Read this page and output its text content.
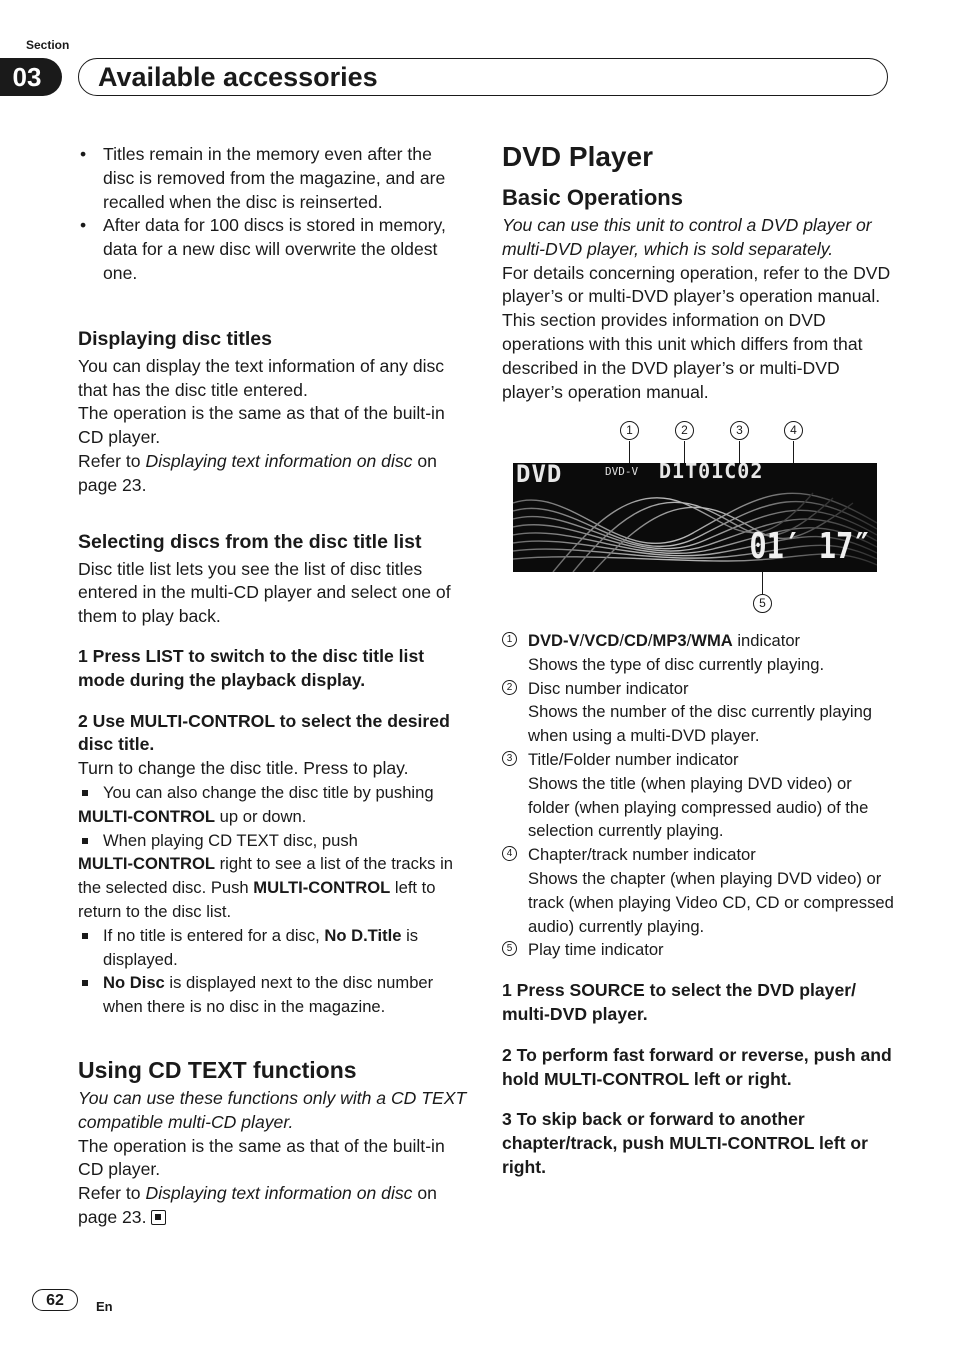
Section
03	Available accessories

• Titles remain in the memory even after the disc is removed from the magazine, and are recalled when the disc is reinserted.

• After data for 100 discs is stored in memory, data for a new disc will overwrite the oldest one.

Displaying disc titles

You can display the text information of any disc that has the disc title entered.

The operation is the same as that of the built-in CD player.

Refer to Displaying text information on disc on page 23.

Selecting discs from the disc title list

Disc title list lets you see the list of disc titles entered in the multi-CD player and select one of them to play back.

1 Press LIST to switch to the disc title list mode during the playback display.

2 Use MULTI-CONTROL to select the desired disc title.

Turn to change the disc title. Press to play.

You can also change the disc title by pushing

MULTI-CONTROL up or down.

When playing CD TEXT disc, push

MULTI-CONTROL right to see a list of the tracks in the selected disc. Push MULTI-CONTROL left to return to the disc list.

If no title is entered for a disc, No D.Title is displayed.

No Disc is displayed next to the disc number when there is no disc in the magazine.

Using CD TEXT functions

You can use these functions only with a CD TEXT compatible multi-CD player.

The operation is the same as that of the built-in CD player.

Refer to Displaying text information on disc on page 23.

DVD Player

Basic Operations

You can use this unit to control a DVD player or multi-DVD player, which is sold separately.

For details concerning operation, refer to the DVD player’s or multi-DVD player’s operation manual. This section provides information on DVD operations with this unit which differs from that described in the DVD player’s or multi-DVD player’s operation manual.

1	2	3	4
DVD	DVD-V D1T01C02
01′ 17″
5
1 DVD-V/VCD/CD/MP3/WMA indicator

Shows the type of disc currently playing.

2 Disc number indicator

Shows the number of the disc currently playing when using a multi-DVD player.

3 Title/Folder number indicator

Shows the title (when playing DVD video) or folder (when playing compressed audio) of the selection currently playing.

4 Chapter/track number indicator

Shows the chapter (when playing DVD video) or track (when playing Video CD, CD or compressed audio) currently playing.

5 Play time indicator

1 Press SOURCE to select the DVD player/ multi-DVD player.

2 To perform fast forward or reverse, push and hold MULTI-CONTROL left or right.

3 To skip back or forward to another chapter/track, push MULTI-CONTROL left or right.

62	En
